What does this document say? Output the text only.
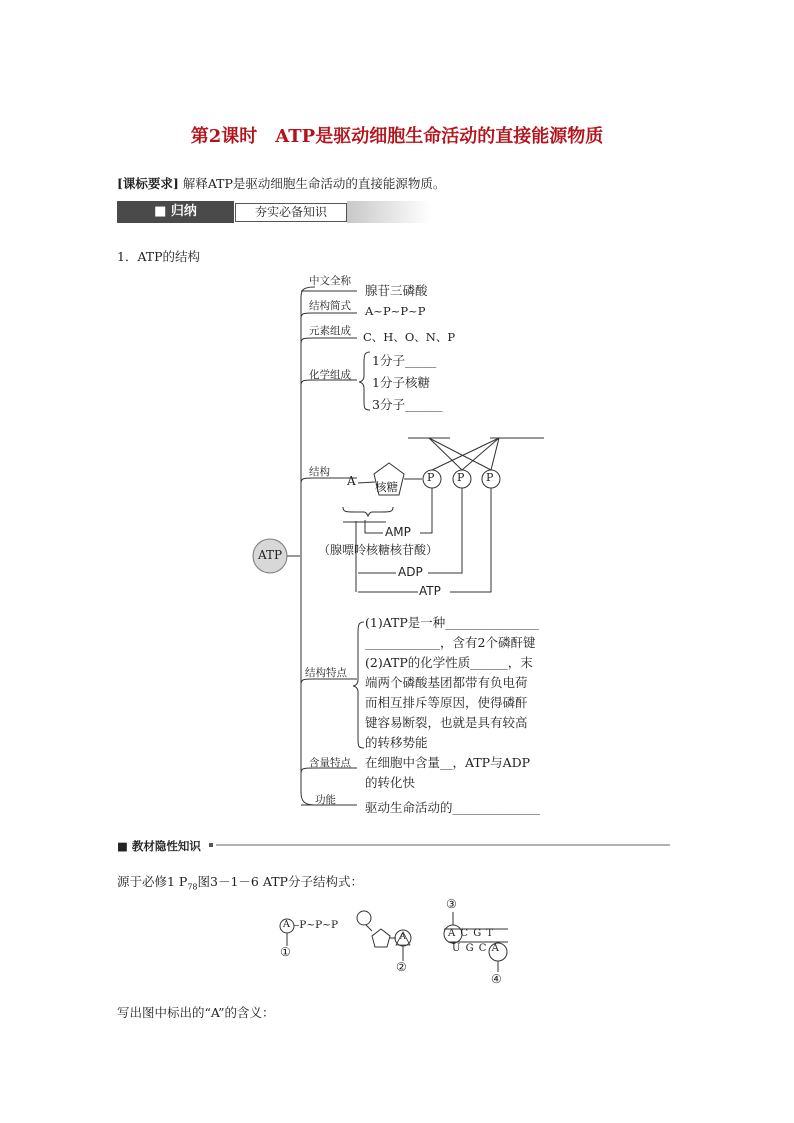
第2课时　ATP是驱动细胞生命活动的直接能源物质
[课标要求] 解释ATP是驱动细胞生命活动的直接能源物质。
■ 归纳	夯实必备知识
1．ATP的结构
ATP
中文全称
腺苷三磷酸
结构简式 A~P~P~P
元素组成 C、H、O、N、P
化学组成
1分子_____
1分子核糖
3分子______
结构
A 核糖
P P P
AMP
（腺嘌呤核糖核苷酸）
ADP
ATP
结构特点
(1)ATP是一种_______________
____________，含有2个磷酐键
(2)ATP的化学性质______，末
端两个磷酸基团都带有负电荷
而相互排斥等原因，使得磷酐
键容易断裂，也就是具有较高
的转移势能
含量特点 在细胞中含量__，ATP与ADP
的转化快
功能 驱动生命活动的______________
■ 教材隐性知识
源于必修1 $P_{78}$图3－1－6 ATP分子结构式：
A –P~P~P
①
A
②
③
A C G T
U G C A
④
写出图中标出的“A”的含义：
